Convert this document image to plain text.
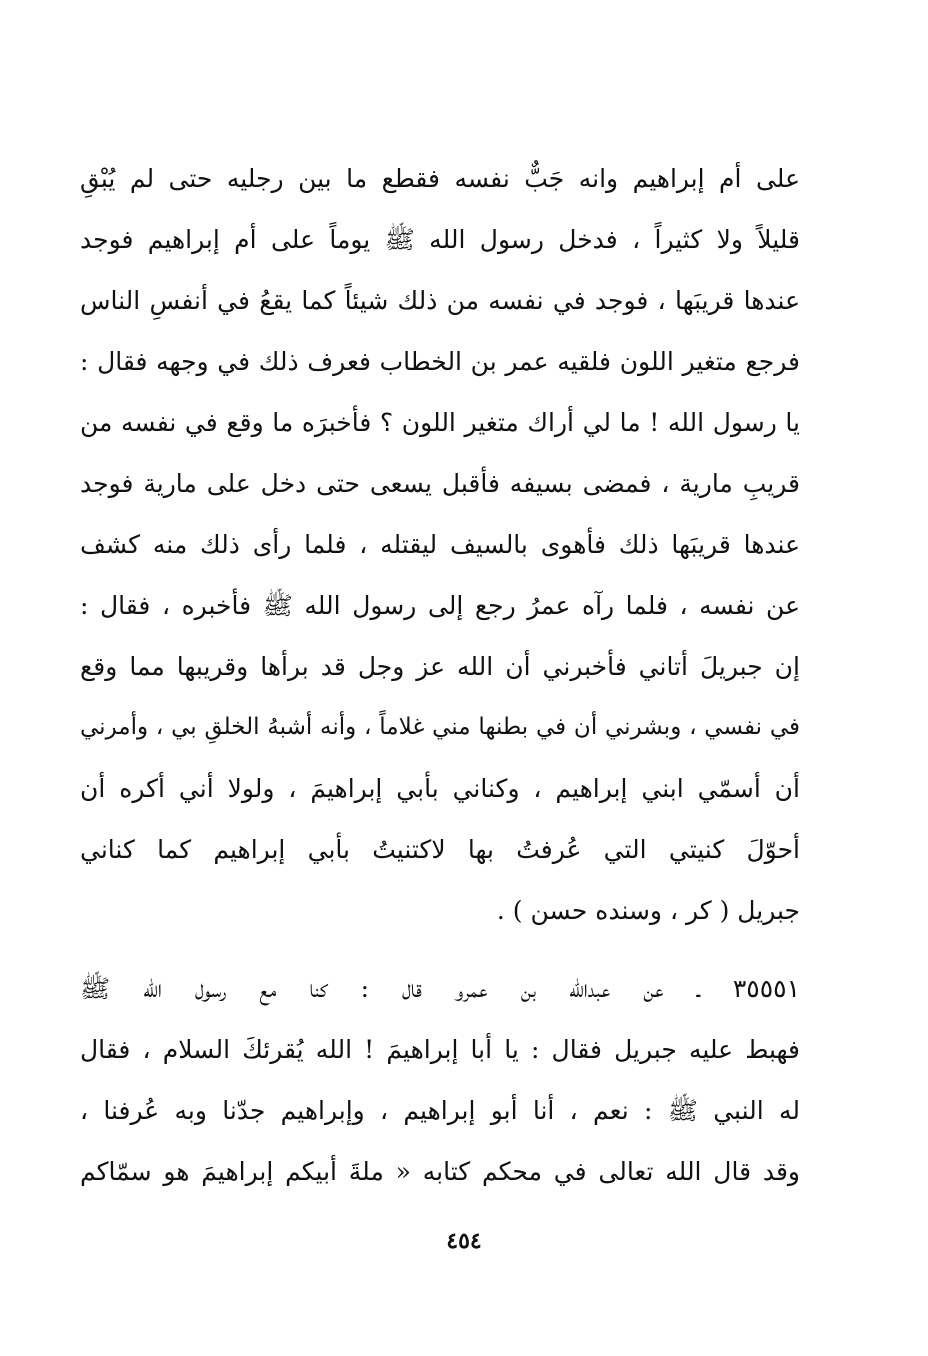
على أم إبراهيم وانه جَبٌّ نفسه فقطع ما بين رجليه حتى لم يُبْقِ
قليلاً ولا كثيراً ، فدخل رسول الله ﷺ يوماً على أم إبراهيم فوجد
عندها قريبَها ، فوجد في نفسه من ذلك شيئاً كما يقعُ في أنفسِ الناس
فرجع متغير اللون فلقيه عمر بن الخطاب فعرف ذلك في وجهه فقال :
يا رسول الله ! ما لي أراك متغير اللون ؟ فأخبرَه ما وقع في نفسه من
قريبِ مارية ، فمضى بسيفه فأقبل يسعى حتى دخل على مارية فوجد
عندها قريبَها ذلك فأهوى بالسيف ليقتله ، فلما رأى ذلك منه كشف
عن نفسه ، فلما رآه عمرُ رجع إلى رسول الله ﷺ فأخبره ، فقال :
إن جبريلَ أتاني فأخبرني أن الله عز وجل قد برأها وقريبها مما وقع
في نفسي ، وبشرني أن في بطنها مني غلاماً ، وأنه أشبهُ الخلقِ بي ، وأمرني
أن أسمّي ابني إبراهيم ، وكناني بأبي إبراهيمَ ، ولولا أني أكره أن
أحوّلَ كنيتي التي عُرفتُ بها لاكتنيتُ بأبي إبراهيم كما كناني
جبريل ( كر ، وسنده حسن ) .
٣٥٥٥١ ـ عن عبدالله بن عمرو قال : كنا مع رسول الله ﷺ
فهبط عليه جبريل فقال : يا أبا إبراهيمَ ! الله يُقرئكَ السلام ، فقال
له النبي ﷺ : نعم ، أنا أبو إبراهيم ، وإبراهيم جدّنا وبه عُرفنا ،
وقد قال الله تعالى في محكم كتابه « ملةَ أبيكم إبراهيمَ هو سمّاكم
٤٥٤
